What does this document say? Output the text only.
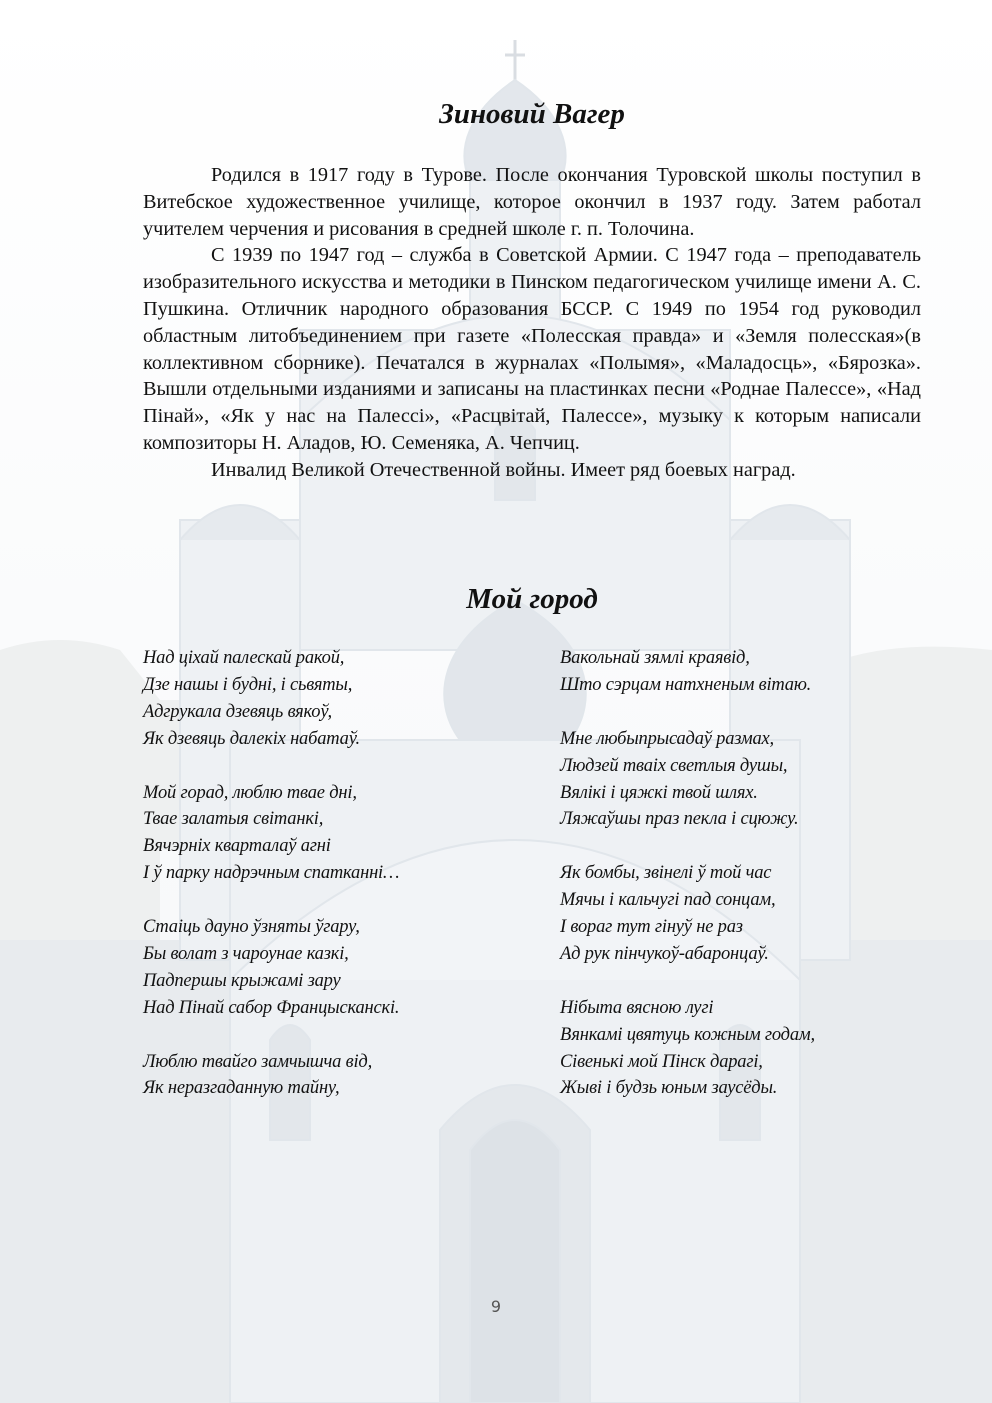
Зиновий Вагер

Родился в 1917 году в Турове. После окончания Туровской школы поступил в Витебское художественное училище, которое окончил в 1937 году. Затем работал учителем черчения и рисования в средней школе г. п. Толочина.

С 1939 по 1947 год – служба в Советской Армии. С 1947 года – преподаватель изобразительного искусства и методики в Пинском педагогическом училище имени А. С. Пушкина. Отличник народного образования БССР. С 1949 по 1954 год руководил областным литобъединением при газете «Полесская правда» и «Земля полесская»(в коллективном сборнике). Печатался в журналах «Полымя», «Маладосць», «Бярозка». Вышли отдельными изданиями и записаны на пластинках песни «Роднае Палессе», «Над Пінай», «Як у нас на Палессі», «Расцвітай, Палессе», музыку к которым написали композиторы Н. Аладов, Ю. Семеняка, А. Чепчиц.

Инвалид Великой Отечественной войны. Имеет ряд боевых наград.

Мой город
Над ціхай палескай ракой,
Дзе нашы і будні, і сьвяты,
Адгрукала дзевяць вякоў,
Як дзевяць далекіх набатаў.
Мой горад, люблю твае дні,
Твае залатыя світанкі,
Вячэрніх кварталаў агні
І ў парку надрэчным спатканні…
Стаіць дауно ўзняты ўгару,
Бы волат з чароунае казкі,
Падпершы крыжамі зару
Над Пінай сабор Францысканскі.
Люблю твайго замчышча від,
Як неразгаданную тайну,
Вакольнай зямлі краявід,
Што сэрцам натхненым вітаю.
Мне любыпрысадаў размах,
Людзей тваіх светлыя душы,
Вялікі і цяжкі твой шлях.
Ляжаўшы праз пекла і сцюжу.
Як бомбы, звінелі ў той час
Мячы і кальчугі пад сонцам,
І вораг тут гінуў не раз
Ад рук пінчукоў-абаронцаў.
Нібыта вясною лугі
Вянкамі цвятуць кожным годам,
Сівенькі мой Пінск дарагі,
Жыві і будзь юным заусёды.
9
